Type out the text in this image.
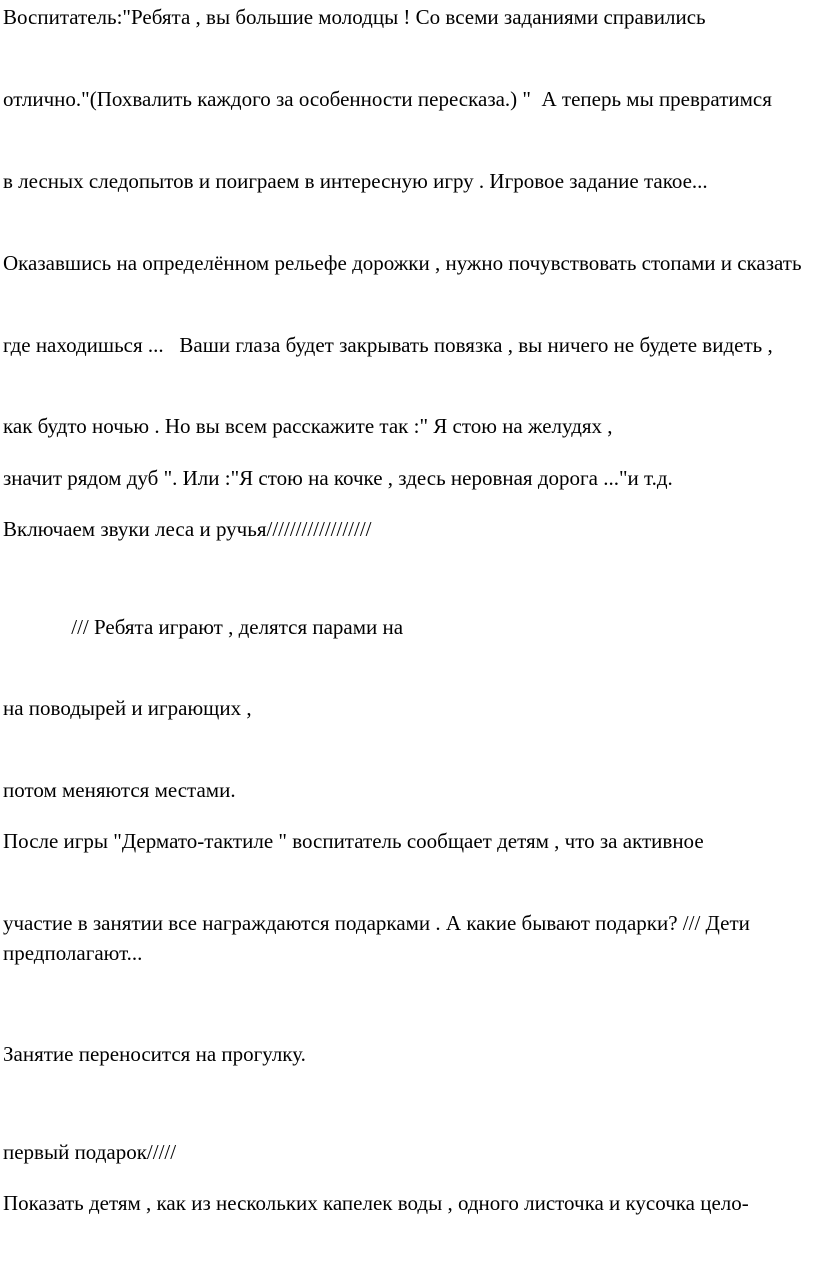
Воспитатель:"Ребята , вы большие молодцы ! Со всеми заданиями справились

отлично."(Похвалить каждого за особенности пересказа.) "  А теперь мы превратимся

в лесных следопытов и поиграем в интересную игру . Игровое задание такое...

Оказавшись на определённом рельефе дорожки , нужно почувствовать стопами и сказать

где находишься ...   Ваши глаза будет закрывать повязка , вы ничего не будете видеть ,

как будто ночью . Но вы всем расскажите так :" Я стою на желудях ,

значит рядом дуб ". Или :"Я стою на кочке , здесь неровная дорога ..."и т.д.

Включаем звуки леса и ручья//////////////////

/// Ребята играют , делятся парами на

на поводырей и играющих ,

потом меняются местами.

После игры "Дермато-тактиле " воспитатель сообщает детям , что за активное

участие в занятии все награждаются подарками . А какие бывают подарки? /// Дети предполагают...

Занятие переносится на прогулку.

первый подарок/////

Показать детям , как из нескольких капелек воды , одного листочка и кусочка цело-
